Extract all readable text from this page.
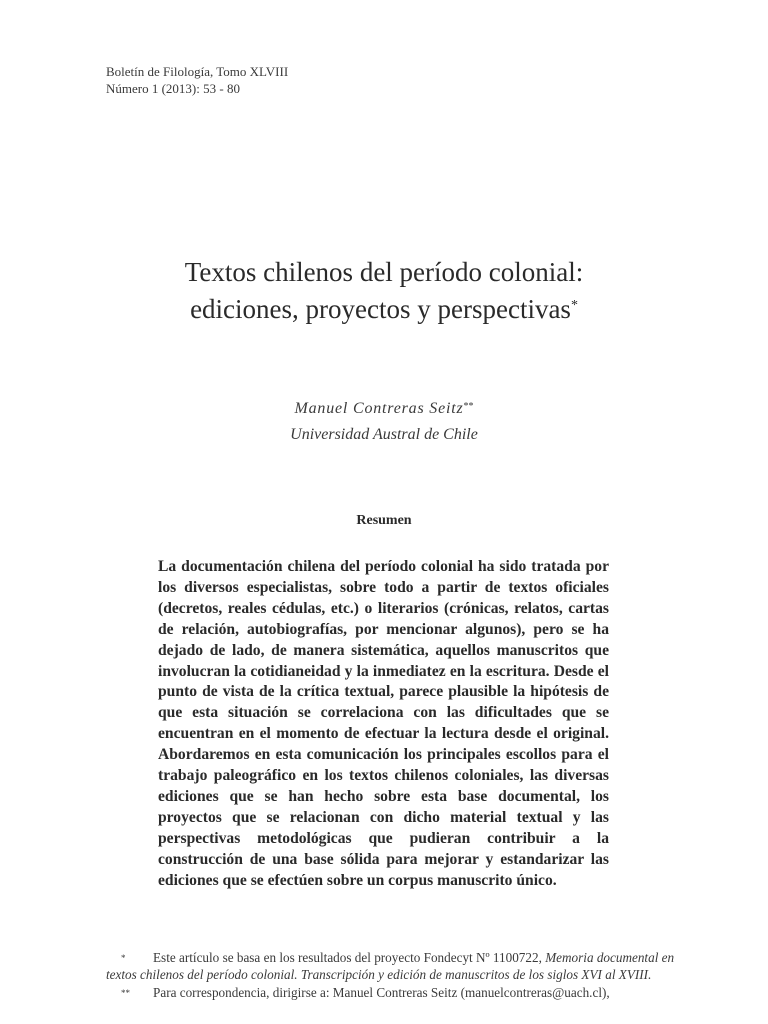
Boletín de Filología, Tomo XLVIII
Número 1 (2013): 53 - 80
Textos chilenos del período colonial:
ediciones, proyectos y perspectivas*
Manuel Contreras Seitz**
Universidad Austral de Chile
Resumen
La documentación chilena del período colonial ha sido tratada por los diversos especialistas, sobre todo a partir de textos oficiales (decretos, reales cédulas, etc.) o literarios (crónicas, relatos, cartas de relación, autobiografías, por mencionar algunos), pero se ha dejado de lado, de manera sistemática, aquellos manuscritos que involucran la cotidianeidad y la inmediatez en la escritura. Desde el punto de vista de la crítica textual, parece plausible la hipótesis de que esta situación se correlaciona con las dificultades que se encuentran en el momento de efectuar la lectura desde el original. Abordaremos en esta comunicación los principales escollos para el trabajo paleográfico en los textos chilenos coloniales, las diversas ediciones que se han hecho sobre esta base documental, los proyectos que se relacionan con dicho material textual y las perspectivas metodológicas que pudieran contribuir a la construcción de una base sólida para mejorar y estandarizar las ediciones que se efectúen sobre un corpus manuscrito único.
* Este artículo se basa en los resultados del proyecto Fondecyt Nº 1100722, Memoria documental en textos chilenos del período colonial. Transcripción y edición de manuscritos de los siglos XVI al XVIII.
** Para correspondencia, dirigirse a: Manuel Contreras Seitz (manuelcontreras@uach.cl),
